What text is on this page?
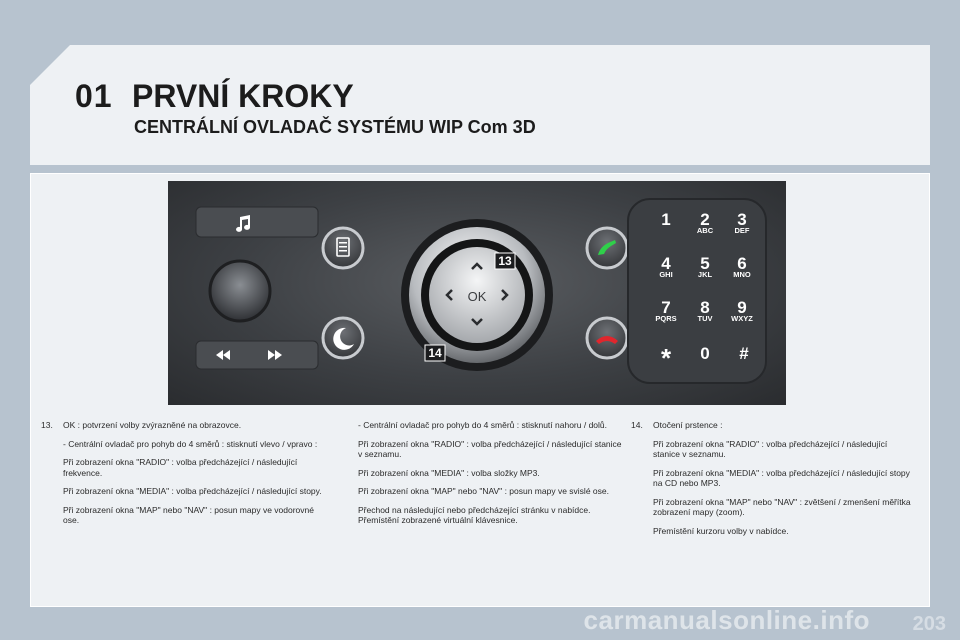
01 PRVNÍ KROKY
CENTRÁLNÍ OVLADAČ SYSTÉMU WIP Com 3D
OK
13
14
1 2
ABC
3
DEF
4
GHI
5
JKL
6
MNO
7
PQRS
8
TUV
9
WXYZ
* 0 #
13. OK : potvrzení volby zvýrazněné na obrazovce.

- Centrální ovladač pro pohyb do 4 směrů : stisknutí vlevo / vpravo :

Při zobrazení okna "RADIO" : volba předcházející / následující frekvence.

Při zobrazení okna "MEDIA" : volba předcházející / následující stopy.

Při zobrazení okna "MAP" nebo "NAV" : posun mapy ve vodorovné ose.

- Centrální ovladač pro pohyb do 4 směrů : stisknutí nahoru / dolů.

Při zobrazení okna "RADIO" : volba předcházející / následující stanice v seznamu.

Při zobrazení okna "MEDIA" : volba složky MP3.

Při zobrazení okna "MAP" nebo "NAV" : posun mapy ve svislé ose.

Přechod na následující nebo předcházející stránku v nabídce. Přemístění zobrazené virtuální klávesnice.

14. Otočení prstence :

Při zobrazení okna "RADIO" : volba předcházející / následující stanice v seznamu.

Při zobrazení okna "MEDIA" : volba předcházející / následující stopy na CD nebo MP3.

Při zobrazení okna "MAP" nebo "NAV" : zvětšení / zmenšení měřítka zobrazení mapy (zoom).

Přemístění kurzoru volby v nabídce.

carmanualsonline.info 203
